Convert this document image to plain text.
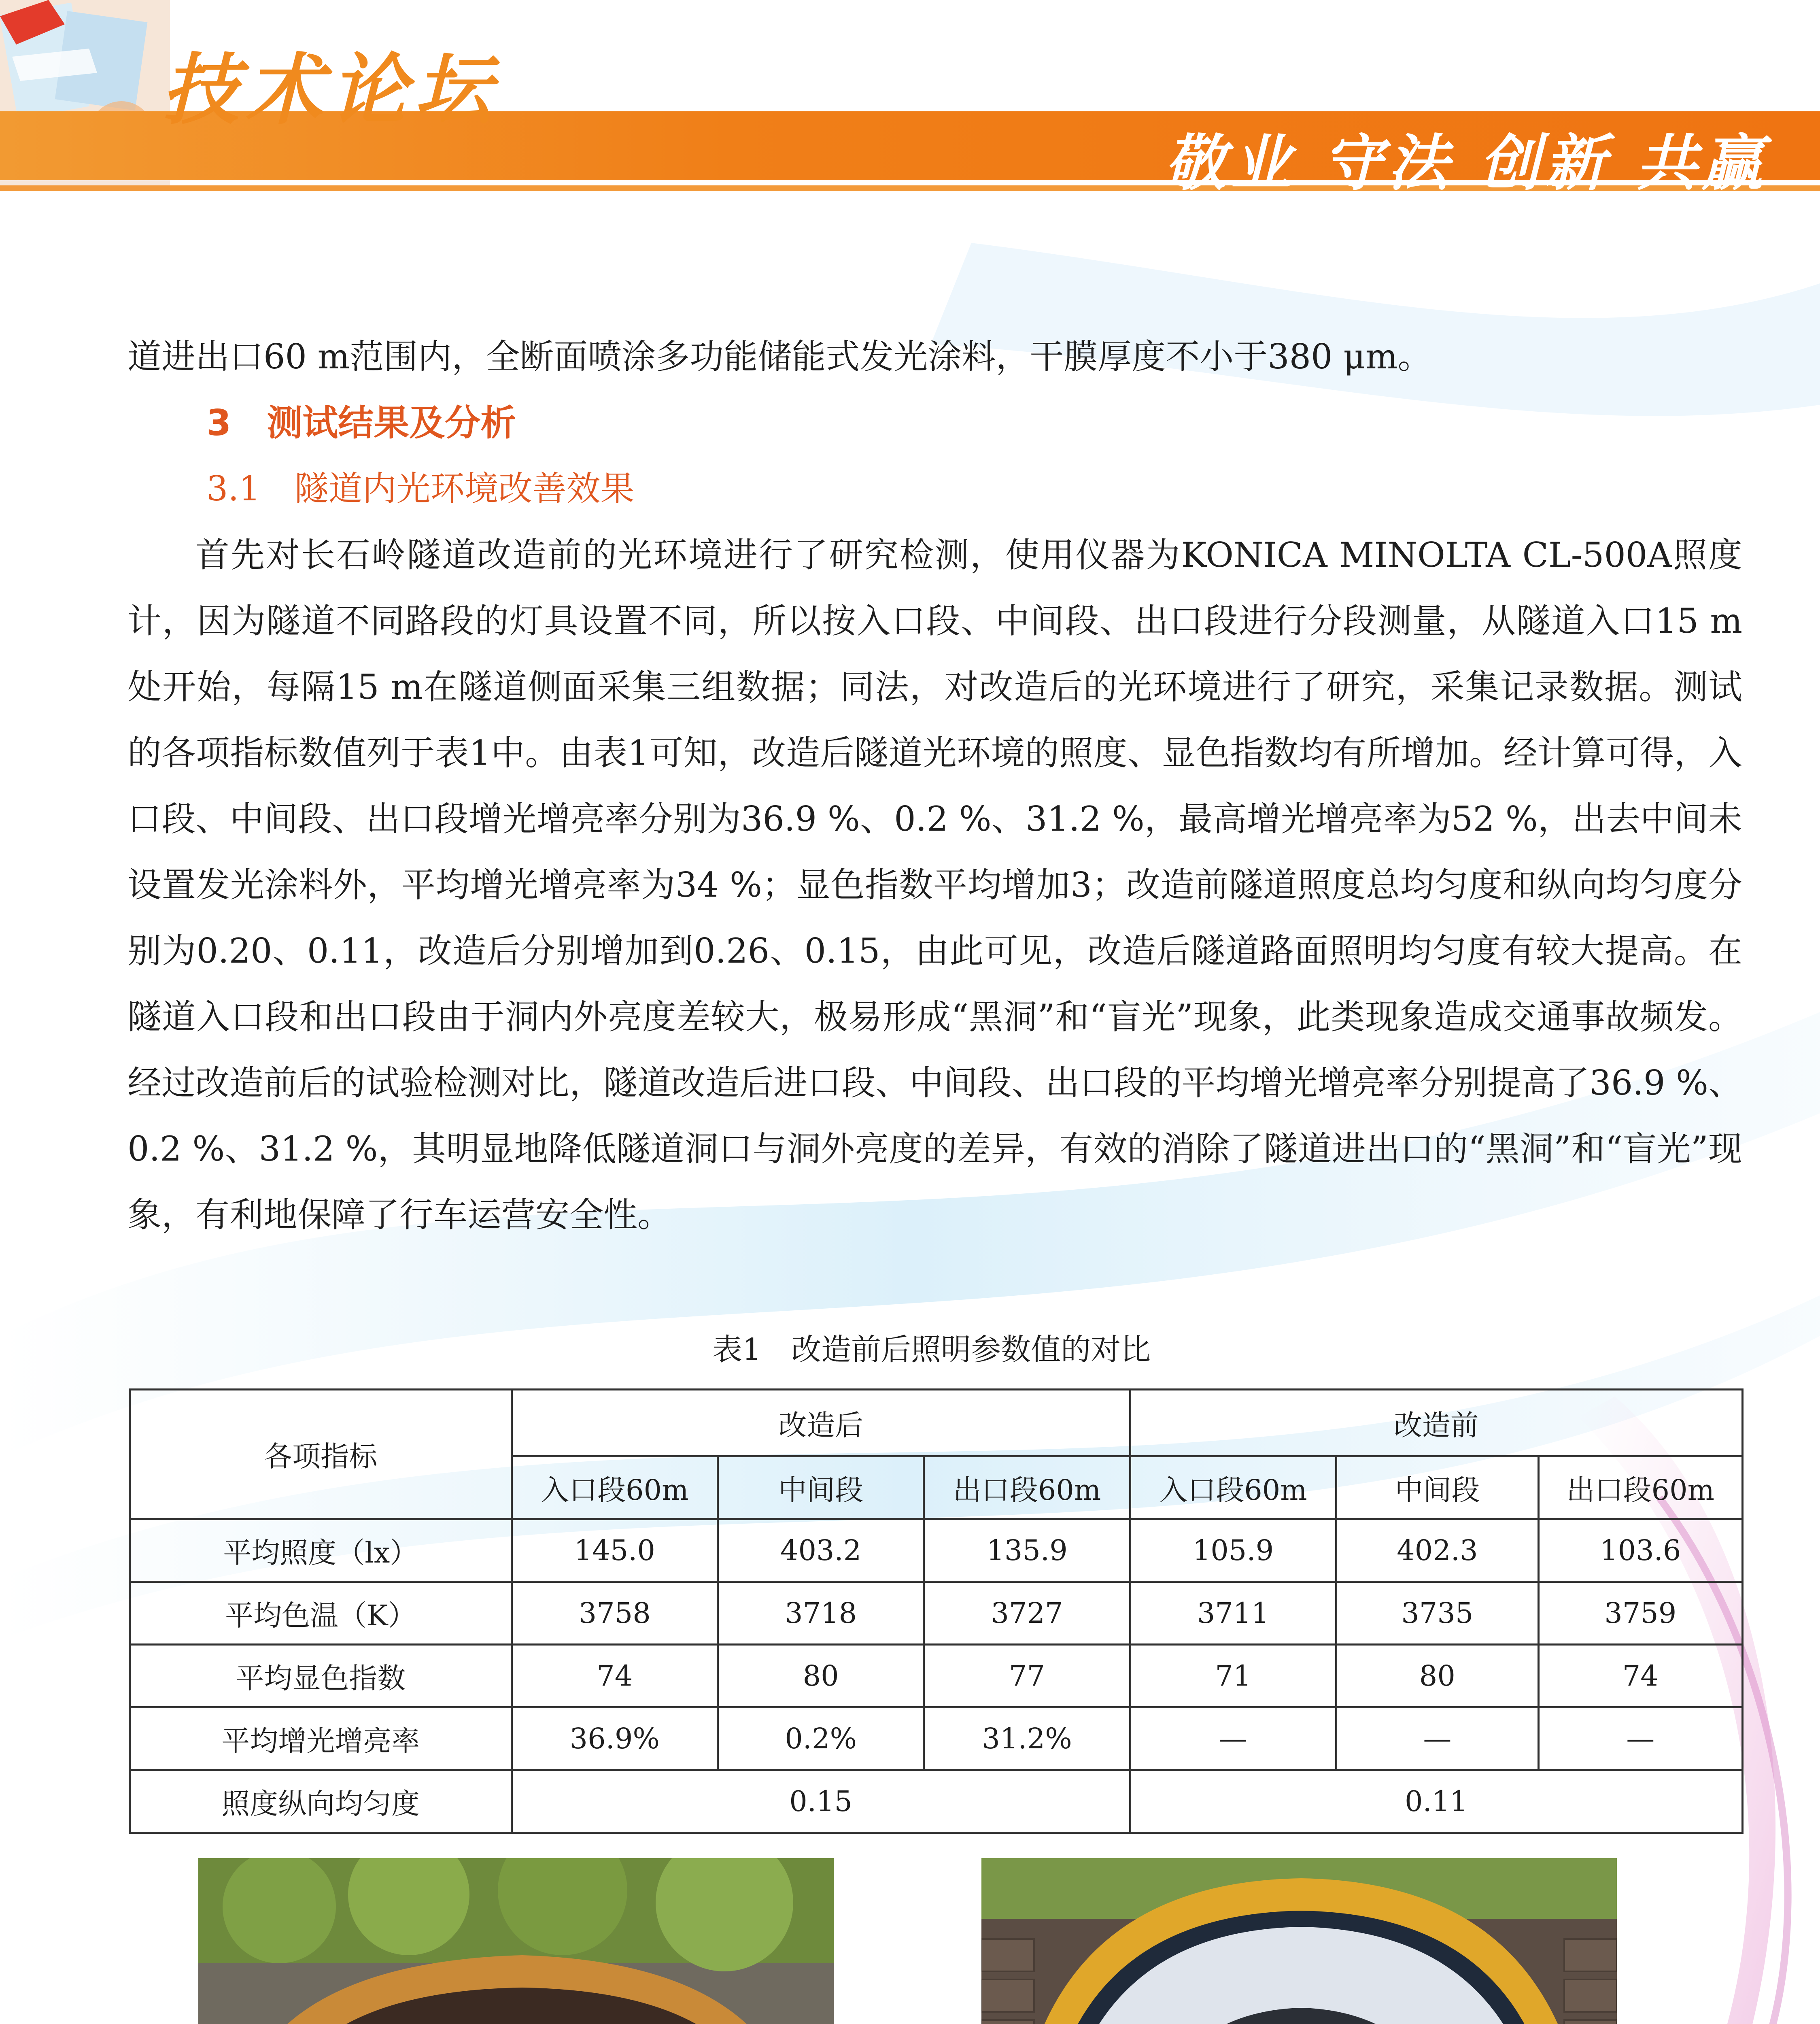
技术论坛
敬业 守法 创新 共赢

道进出口60 m范围内，全断面喷涂多功能储能式发光涂料，干膜厚度不小于380 μm。

3　测试结果及分析
3.1　隧道内光环境改善效果

首先对长石岭隧道改造前的光环境进行了研究检测，使用仪器为KONICA MINOLTA CL-500A照度计，因为隧道不同路段的灯具设置不同，所以按入口段、中间段、出口段进行分段测量，从隧道入口15 m处开始，每隔15 m在隧道侧面采集三组数据；同法，对改造后的光环境进行了研究，采集记录数据。测试的各项指标数值列于表1中。由表1可知，改造后隧道光环境的照度、显色指数均有所增加。经计算可得，入口段、中间段、出口段增光增亮率分别为36.9 %、0.2 %、31.2 %，最高增光增亮率为52 %，出去中间未设置发光涂料外，平均增光增亮率为34 %；显色指数平均增加3；改造前隧道照度总均匀度和纵向均匀度分别为0.20、0.11，改造后分别增加到0.26、0.15，由此可见，改造后隧道路面照明均匀度有较大提高。在隧道入口段和出口段由于洞内外亮度差较大，极易形成“黑洞”和“盲光”现象，此类现象造成交通事故频发。经过改造前后的试验检测对比，隧道改造后进口段、中间段、出口段的平均增光增亮率分别提高了36.9 %、0.2 %、31.2 %，其明显地降低隧道洞口与洞外亮度的差异，有效的消除了隧道进出口的“黑洞”和“盲光”现象，有利地保障了行车运营安全性。

表1　改造前后照明参数值的对比
各项指标	改造后			改造前		
	入口段60m	中间段	出口段60m	入口段60m	中间段	出口段60m
平均照度（lx）	145.0	403.2	135.9	105.9	402.3	103.6
平均色温（K）	3758	3718	3727	3711	3735	3759
平均显色指数	74	80	77	71	80	74
平均增光增亮率	36.9%	0.2%	31.2%	—	—	—
照度纵向均匀度	0.15			0.11		
